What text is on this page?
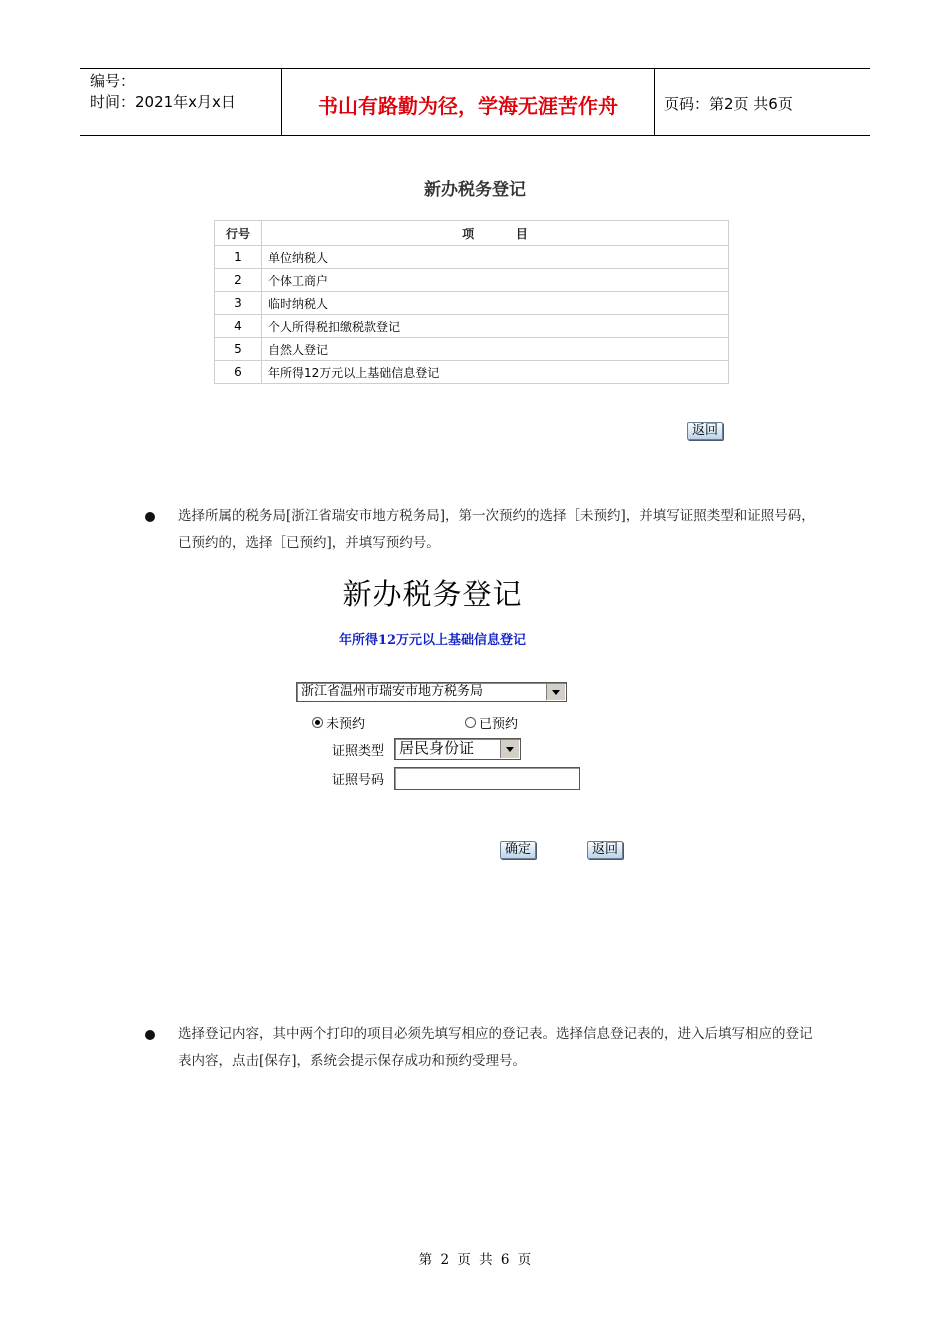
编号：
时间：2021年x月x日	书山有路勤为径，学海无涯苦作舟	页码：第2页 共6页
新办税务登记
行号	项          目
1	单位纳税人
2	个体工商户
3	临时纳税人
4	个人所得税扣缴税款登记
5	自然人登记
6	年所得12万元以上基础信息登记
返回
选择所属的税务局[浙江省瑞安市地方税务局]，第一次预约的选择［未预约]，并填写证照类型和证照号码，已预约的，选择［已预约]，并填写预约号。
新办税务登记
年所得12万元以上基础信息登记
浙江省温州市瑞安市地方税务局
未预约	已预约
证照类型 居民身份证
证照号码
确定	返回
选择登记内容，其中两个打印的项目必须先填写相应的登记表。选择信息登记表的，进入后填写相应的登记表内容，点击[保存]，系统会提示保存成功和预约受理号。
第 2 页 共 6 页
